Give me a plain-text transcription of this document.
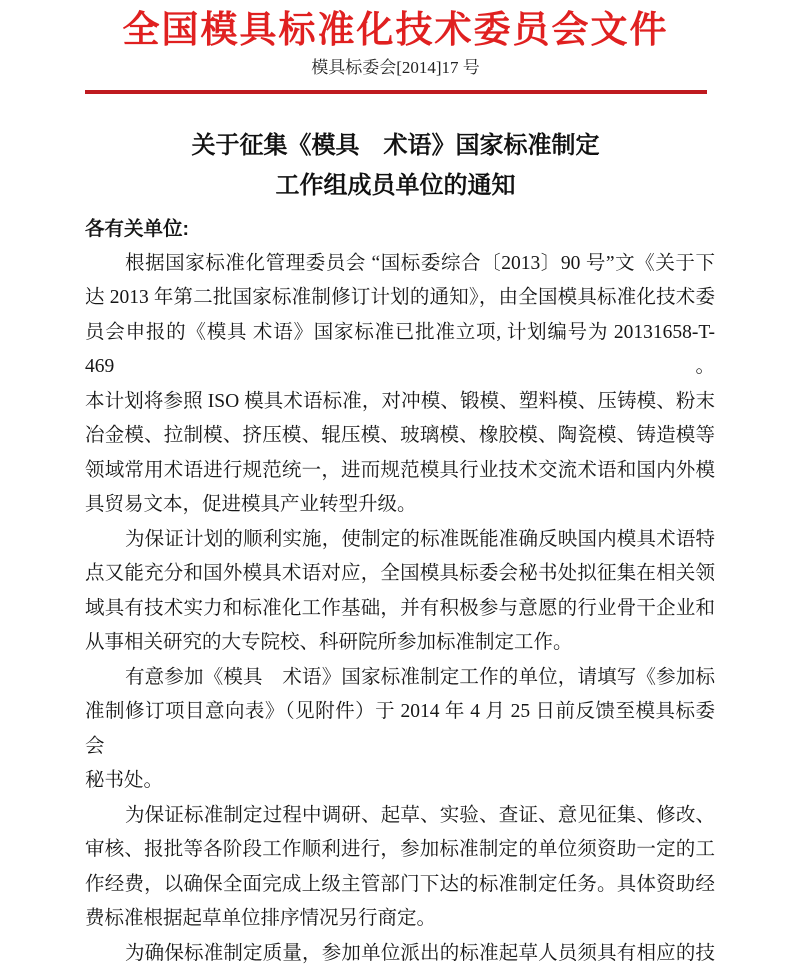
全国模具标准化技术委员会文件
模具标委会[2014]17 号
关于征集《模具　术语》国家标准制定
工作组成员单位的通知
各有关单位:
根据国家标准化管理委员会 “国标委综合〔2013〕90 号”文《关于下
达 2013 年第二批国家标准制修订计划的通知》，由全国模具标准化技术委
员会申报的《模具 术语》国家标准已批准立项, 计划编号为 20131658-T-469。
本计划将参照 ISO 模具术语标准，对冲模、锻模、塑料模、压铸模、粉末
冶金模、拉制模、挤压模、辊压模、玻璃模、橡胶模、陶瓷模、铸造模等
领域常用术语进行规范统一，进而规范模具行业技术交流术语和国内外模
具贸易文本，促进模具产业转型升级。
为保证计划的顺利实施，使制定的标准既能准确反映国内模具术语特
点又能充分和国外模具术语对应，全国模具标委会秘书处拟征集在相关领
域具有技术实力和标准化工作基础，并有积极参与意愿的行业骨干企业和
从事相关研究的大专院校、科研院所参加标准制定工作。
有意参加《模具　术语》国家标准制定工作的单位，请填写《参加标
准制修订项目意向表》（见附件）于 2014 年 4 月 25 日前反馈至模具标委会
秘书处。
为保证标准制定过程中调研、起草、实验、查证、意见征集、修改、
审核、报批等各阶段工作顺利进行，参加标准制定的单位须资助一定的工
作经费，以确保全面完成上级主管部门下达的标准制定任务。具体资助经
费标准根据起草单位排序情况另行商定。
为确保标准制定质量，参加单位派出的标准起草人员须具有相应的技
